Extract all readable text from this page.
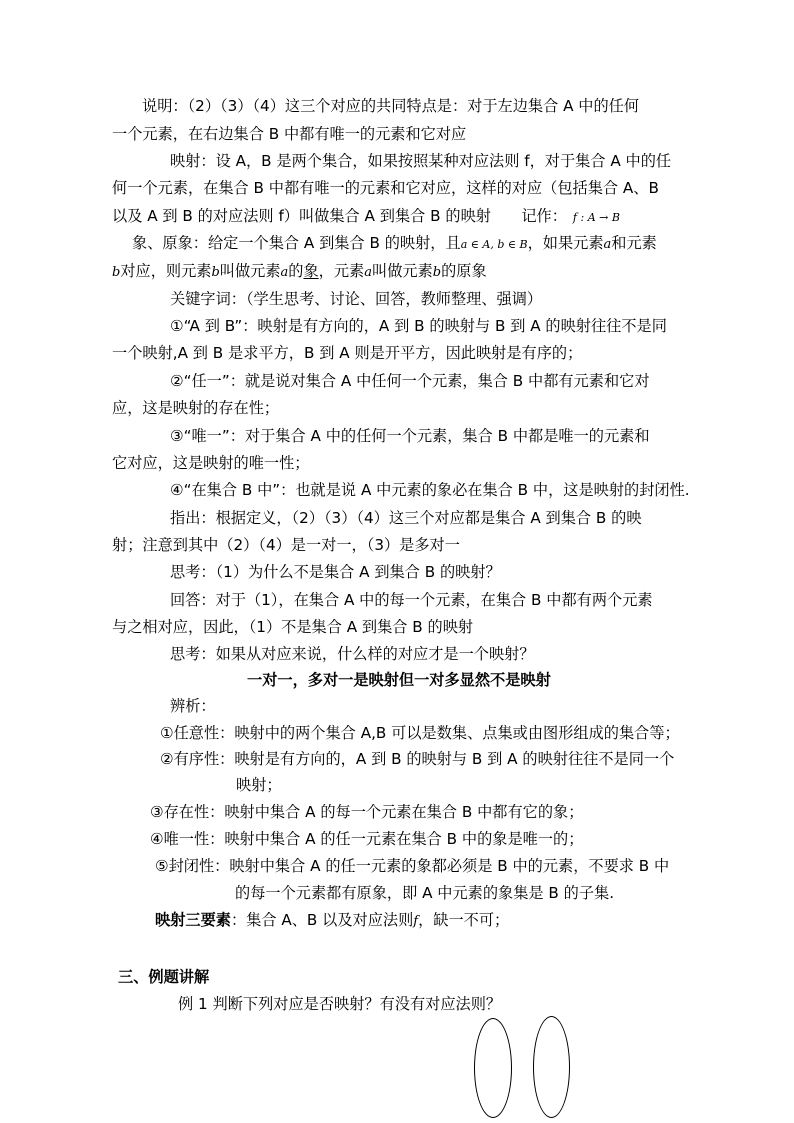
说明：（2）（3）（4）这三个对应的共同特点是：对于左边集合 A 中的任何
一个元素，在右边集合 B 中都有唯一的元素和它对应
映射：设 A，B 是两个集合，如果按照某种对应法则 f，对于集合 A 中的任
何一个元素，在集合 B 中都有唯一的元素和它对应，这样的对应（包括集合 A、B
以及 A 到 B 的对应法则 f）叫做集合 A 到集合 B 的映射　　记作： f : A → B
象、原象：给定一个集合 A 到集合 B 的映射，且a ∈ A, b ∈ B，如果元素a和元素
b对应，则元素b叫做元素a的象，元素a叫做元素b的原象
关键字词：（学生思考、讨论、回答，教师整理、强调）
①“A 到 B”：映射是有方向的，A 到 B 的映射与 B 到 A 的映射往往不是同
一个映射,A 到 B 是求平方，B 到 A 则是开平方，因此映射是有序的；
②“任一”：就是说对集合 A 中任何一个元素，集合 B 中都有元素和它对
应，这是映射的存在性；
③“唯一”：对于集合 A 中的任何一个元素，集合 B 中都是唯一的元素和
它对应，这是映射的唯一性；
④“在集合 B 中”：也就是说 A 中元素的象必在集合 B 中，这是映射的封闭性.
指出：根据定义，（2）（3）（4）这三个对应都是集合 A 到集合 B 的映
射；注意到其中（2）（4）是一对一，（3）是多对一
思考：（1）为什么不是集合 A 到集合 B 的映射？
回答：对于（1），在集合 A 中的每一个元素，在集合 B 中都有两个元素
与之相对应，因此，（1）不是集合 A 到集合 B 的映射
思考：如果从对应来说，什么样的对应才是一个映射？
一对一，多对一是映射但一对多显然不是映射
辨析：
①任意性：映射中的两个集合 A,B 可以是数集、点集或由图形组成的集合等；
②有序性：映射是有方向的，A 到 B 的映射与 B 到 A 的映射往往不是同一个
映射；
③存在性：映射中集合 A 的每一个元素在集合 B 中都有它的象；
④唯一性：映射中集合 A 的任一元素在集合 B 中的象是唯一的；
⑤封闭性：映射中集合 A 的任一元素的象都必须是 B 中的元素，不要求 B 中
的每一个元素都有原象，即 A 中元素的象集是 B 的子集.
映射三要素：集合 A、B 以及对应法则f，缺一不可；
三、例题讲解
例 1 判断下列对应是否映射？有没有对应法则？
